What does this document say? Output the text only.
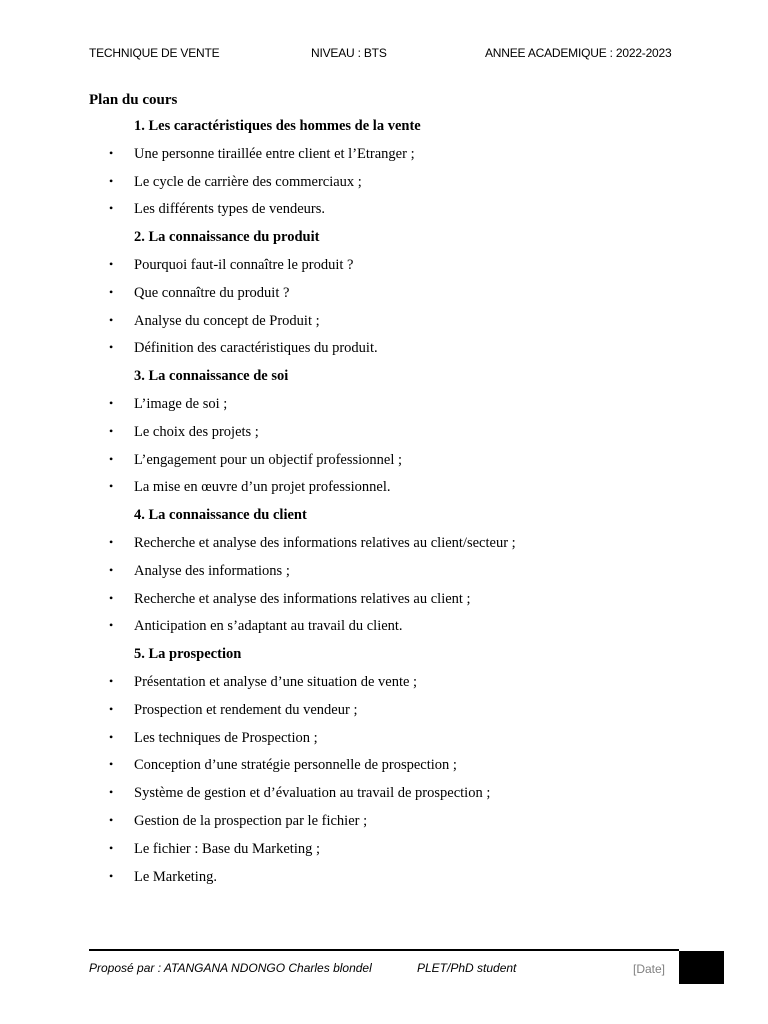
TECHNIQUE DE VENTE	NIVEAU : BTS	ANNEE ACADEMIQUE : 2022-2023
Plan du cours
1. Les caractéristiques des hommes de la vente
• Une personne tiraillée entre client et l’Etranger ;
• Le cycle de carrière des commerciaux ;
• Les différents types de vendeurs.
2. La connaissance du produit
• Pourquoi faut-il connaître le produit ?
• Que connaître du produit ?
• Analyse du concept de Produit ;
• Définition des caractéristiques du produit.
3. La connaissance de soi
• L’image de soi ;
• Le choix des projets ;
• L’engagement pour un objectif professionnel ;
• La mise en œuvre d’un projet professionnel.
4. La connaissance du client
• Recherche et analyse des informations relatives au client/secteur ;
• Analyse des informations ;
• Recherche et analyse des informations relatives au client ;
• Anticipation en s’adaptant au travail du client.
5. La prospection
• Présentation et analyse d’une situation de vente ;
• Prospection et rendement du vendeur ;
• Les techniques de Prospection ;
• Conception d’une stratégie personnelle de prospection ;
• Système de gestion et d’évaluation au travail de prospection ;
• Gestion de la prospection par le fichier ;
• Le fichier : Base du Marketing ;
• Le Marketing.
Proposé par : ATANGANA NDONGO Charles blondel	PLET/PhD student	[Date]
